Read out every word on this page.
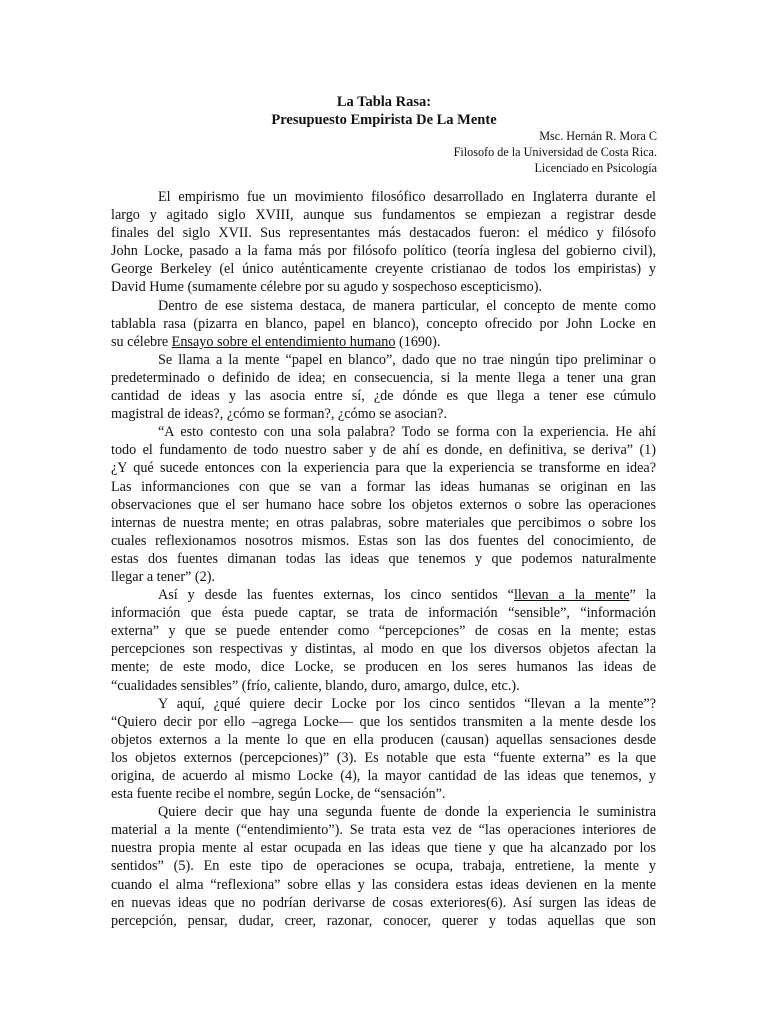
La Tabla Rasa:
Presupuesto Empirista De La Mente
Msc. Hernán R. Mora C
Filosofo de la Universidad de Costa Rica.
Licenciado en Psicología
El empirismo fue un movimiento filosófico desarrollado en Inglaterra durante el
largo y agitado siglo XVIII, aunque sus fundamentos se empiezan a registrar desde
finales del siglo XVII. Sus representantes más destacados fueron: el médico y filósofo
John Locke, pasado a la fama más por filósofo político (teoría inglesa del gobierno civil),
George Berkeley (el único auténticamente creyente cristianao de todos los empiristas) y
David Hume (sumamente célebre por su agudo y sospechoso escepticismo).
Dentro de ese sistema destaca, de manera particular, el concepto de mente como
tablabla rasa (pizarra en blanco, papel en blanco), concepto ofrecido por John Locke en
su célebre Ensayo sobre el entendimiento humano (1690).
Se llama a la mente “papel en blanco”, dado que no trae ningún tipo preliminar o
predeterminado o definido de idea; en consecuencia, si la mente llega a tener una gran
cantidad de ideas y las asocia entre sí, ¿de dónde es que llega a tener ese cúmulo
magistral de ideas?, ¿cómo se forman?, ¿cómo se asocian?.
“A esto contesto con una sola palabra? Todo se forma con la experiencia. He ahí
todo el fundamento de todo nuestro saber y de ahí es donde, en definitiva, se deriva” (1)
¿Y qué sucede entonces con la experiencia para que la experiencia se transforme en idea?
Las informanciones con que se van a formar las ideas humanas se originan en las
observaciones que el ser humano hace sobre los objetos externos o sobre las operaciones
internas de nuestra mente; en otras palabras, sobre materiales que percibimos o sobre los
cuales reflexionamos nosotros mismos. Estas son las dos fuentes del conocimiento, de
estas dos fuentes dimanan todas las ideas que tenemos y que podemos naturalmente
llegar a tener” (2).
Así y desde las fuentes externas, los cinco sentidos “llevan a la mente” la
información que ésta puede captar, se trata de información “sensible”, “información
externa” y que se puede entender como “percepciones” de cosas en la mente; estas
percepciones son respectivas y distintas, al modo en que los diversos objetos afectan la
mente; de este modo, dice Locke, se producen en los seres humanos las ideas de
“cualidades sensibles” (frío, caliente, blando, duro, amargo, dulce, etc.).
Y aquí, ¿qué quiere decir Locke por los cinco sentidos “llevan a la mente”?
“Quiero decir por ello –agrega Locke— que los sentidos transmiten a la mente desde los
objetos externos a la mente lo que en ella producen (causan) aquellas sensaciones desde
los objetos externos (percepciones)” (3). Es notable que esta “fuente externa” es la que
origina, de acuerdo al mismo Locke (4), la mayor cantidad de las ideas que tenemos, y
esta fuente recibe el nombre, según Locke, de “sensación”.
Quiere decir que hay una segunda fuente de donde la experiencia le suministra
material a la mente (“entendimiento”). Se trata esta vez de “las operaciones interiores de
nuestra propia mente al estar ocupada en las ideas que tiene y que ha alcanzado por los
sentidos” (5). En este tipo de operaciones se ocupa, trabaja, entretiene, la mente y
cuando el alma “reflexiona” sobre ellas y las considera estas ideas devienen en la mente
en nuevas ideas que no podrían derivarse de cosas exteriores(6). Así surgen las ideas de
percepción, pensar, dudar, creer, razonar, conocer, querer y todas aquellas que son
